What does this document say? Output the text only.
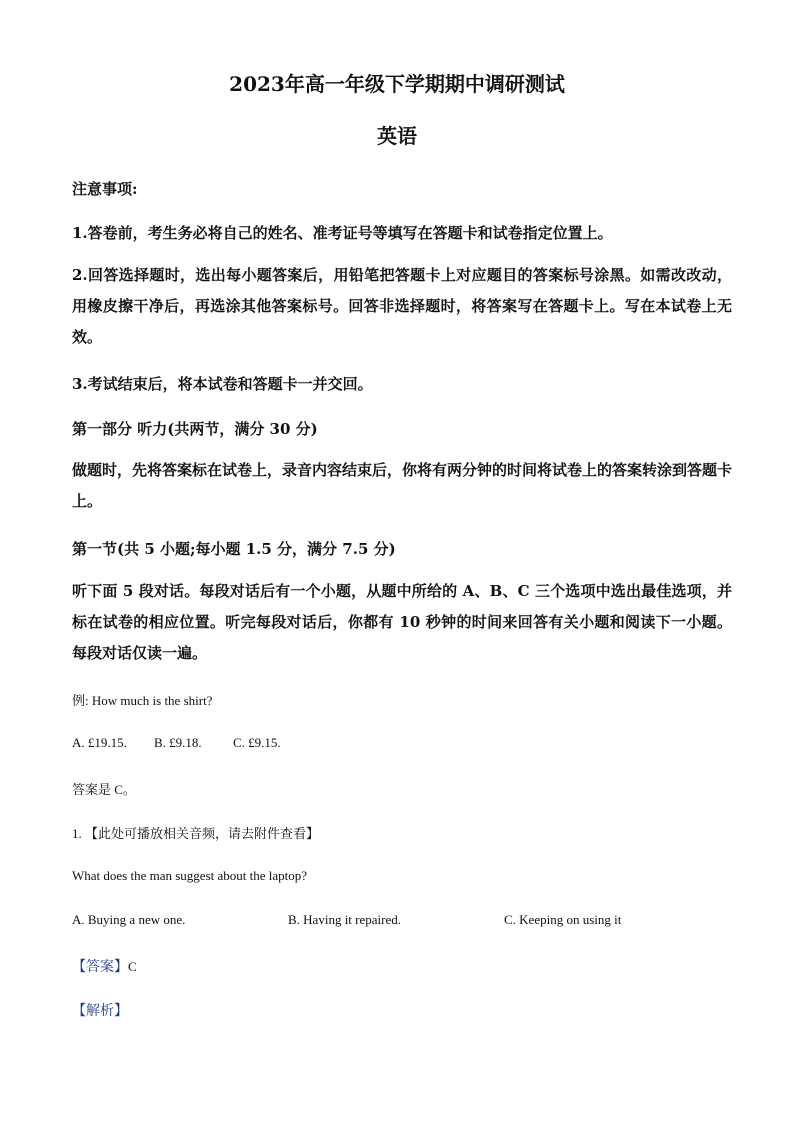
2023年高一年级下学期期中调研测试
英语
注意事项:
1.答卷前，考生务必将自己的姓名、准考证号等填写在答题卡和试卷指定位置上。
2.回答选择题时，选出每小题答案后，用铅笔把答题卡上对应题目的答案标号涂黑。如需改改动，用橡皮擦干净后，再选涂其他答案标号。回答非选择题时，将答案写在答题卡上。写在本试卷上无效。
3.考试结束后，将本试卷和答题卡一并交回。
第一部分 听力(共两节，满分 30 分)
做题时，先将答案标在试卷上，录音内容结束后，你将有两分钟的时间将试卷上的答案转涂到答题卡上。
第一节(共 5 小题;每小题 1.5 分，满分 7.5 分)
听下面 5 段对话。每段对话后有一个小题，从题中所给的 A、B、C 三个选项中选出最佳选项，并标在试卷的相应位置。听完每段对话后，你都有 10 秒钟的时间来回答有关小题和阅读下一小题。每段对话仅读一遍。
例: How much is the shirt?
A. £19.15. B. £9.18. C. £9.15.
答案是 C。
1. 【此处可播放相关音频，请去附件查看】
What does the man suggest about the laptop?
A. Buying a new one.	B. Having it repaired.	C. Keeping on using it
【答案】C
【解析】
